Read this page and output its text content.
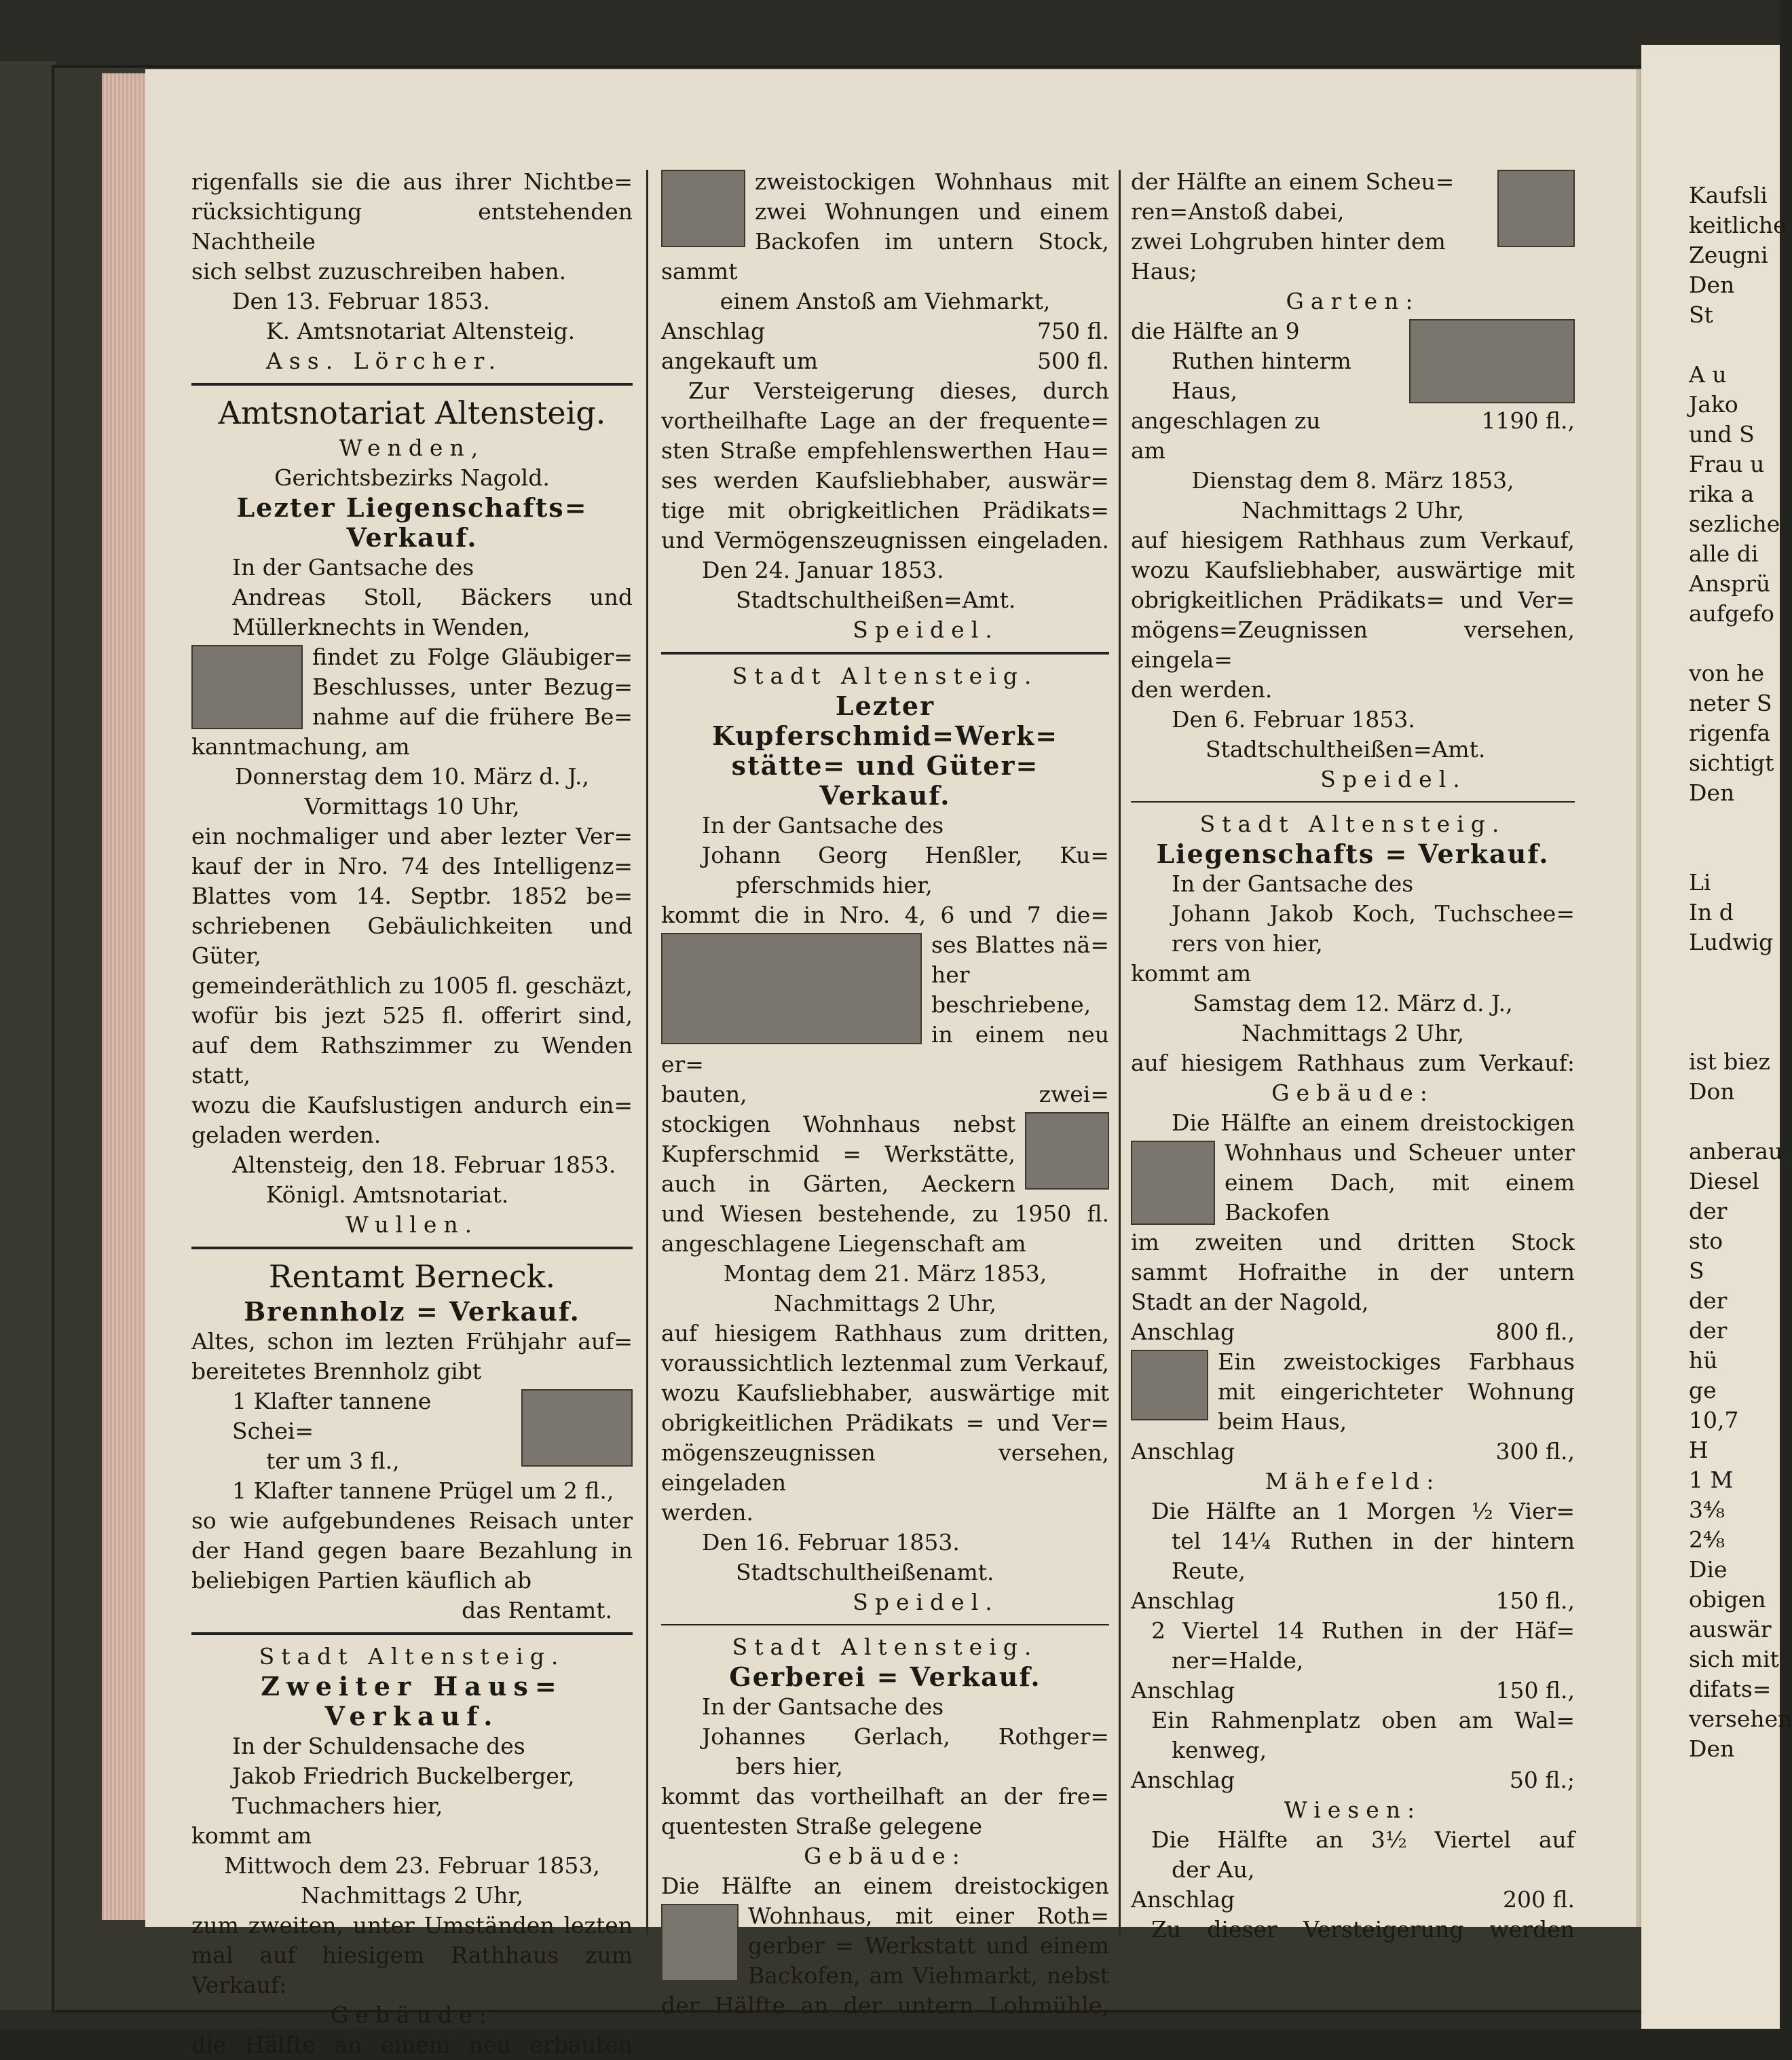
rigenfalls sie die aus ihrer Nichtbe=
rücksichtigung entstehenden Nachtheile
sich selbst zuzuschreiben haben.
Den 13. Februar 1853.
K. Amtsnotariat Altensteig.
Ass. Lörcher.
Amtsnotariat Altensteig.
Wenden,
Gerichtsbezirks Nagold.
Lezter Liegenschafts=
Verkauf.
In der Gantsache des
Andreas Stoll, Bäckers und
Müllerknechts in Wenden,
findet zu Folge Gläubiger=
Beschlusses, unter Bezug=
nahme auf die frühere Be=
kanntmachung, am
Donnerstag dem 10. März d. J.,
Vormittags 10 Uhr,
ein nochmaliger und aber lezter Ver=
kauf der in Nro. 74 des Intelligenz=
Blattes vom 14. Septbr. 1852 be=
schriebenen Gebäulichkeiten und Güter,
gemeinderäthlich zu 1005 fl. geschäzt,
wofür bis jezt 525 fl. offerirt sind,
auf dem Rathszimmer zu Wenden statt,
wozu die Kaufslustigen andurch ein=
geladen werden.
Altensteig, den 18. Februar 1853.
Königl. Amtsnotariat.
Wullen.
Rentamt Berneck.
Brennholz = Verkauf.
Altes, schon im lezten Frühjahr auf=
bereitetes Brennholz gibt
1 Klafter tannene Schei=
ter um 3 fl.,
1 Klafter tannene Prügel um 2 fl.,
so wie aufgebundenes Reisach unter
der Hand gegen baare Bezahlung in
beliebigen Partien käuflich ab
das Rentamt.
Stadt Altensteig.
Zweiter Haus=
Verkauf.
In der Schuldensache des
Jakob Friedrich Buckelberger,
Tuchmachers hier,
kommt am
Mittwoch dem 23. Februar 1853,
Nachmittags 2 Uhr,
zum zweiten, unter Umständen lezten
mal auf hiesigem Rathhaus zum Verkauf:
Gebäude:
die Hälfte an einem neu erbauten
zweistockigen Wohnhaus mit
zwei Wohnungen und einem
Backofen im untern Stock, sammt
einem Anstoß am Viehmarkt,
Anschlag	750 fl.
angekauft um	500 fl.
Zur Versteigerung dieses, durch
vortheilhafte Lage an der frequente=
sten Straße empfehlenswerthen Hau=
ses werden Kaufsliebhaber, auswär=
tige mit obrigkeitlichen Prädikats=
und Vermögenszeugnissen eingeladen.
Den 24. Januar 1853.
Stadtschultheißen=Amt.
Speidel.
Stadt Altensteig.
Lezter Kupferschmid=Werk=
stätte= und Güter=
Verkauf.
In der Gantsache des
Johann Georg Henßler, Ku=
pferschmids hier,
kommt die in Nro. 4, 6 und 7 die=
ses Blattes nä=
her beschriebene,
in einem neu er=
bauten, zwei=
stockigen Wohnhaus nebst
Kupferschmid = Werkstätte,
auch in Gärten, Aeckern
und Wiesen bestehende, zu 1950 fl.
angeschlagene Liegenschaft am
Montag dem 21. März 1853,
Nachmittags 2 Uhr,
auf hiesigem Rathhaus zum dritten,
voraussichtlich leztenmal zum Verkauf,
wozu Kaufsliebhaber, auswärtige mit
obrigkeitlichen Prädikats = und Ver=
mögenszeugnissen versehen, eingeladen
werden.
Den 16. Februar 1853.
Stadtschultheißenamt.
Speidel.
Stadt Altensteig.
Gerberei = Verkauf.
In der Gantsache des
Johannes Gerlach, Rothger=
bers hier,
kommt das vortheilhaft an der fre=
quentesten Straße gelegene
Gebäude:
Die Hälfte an einem dreistockigen
Wohnhaus, mit einer Roth=
gerber = Werkstatt und einem
Backofen, am Viehmarkt, nebst
der Hälfte an der untern Lohmühle,
der Hälfte an einem Scheu=
ren=Anstoß dabei,
zwei Lohgruben hinter dem
Haus;
Garten:
die Hälfte an 9
Ruthen hinterm
Haus,
angeschlagen zu	1190 fl.,
am
Dienstag dem 8. März 1853,
Nachmittags 2 Uhr,
auf hiesigem Rathhaus zum Verkauf,
wozu Kaufsliebhaber, auswärtige mit
obrigkeitlichen Prädikats= und Ver=
mögens=Zeugnissen versehen, eingela=
den werden.
Den 6. Februar 1853.
Stadtschultheißen=Amt.
Speidel.
Stadt Altensteig.
Liegenschafts = Verkauf.
In der Gantsache des
Johann Jakob Koch, Tuchschee=
rers von hier,
kommt am
Samstag dem 12. März d. J.,
Nachmittags 2 Uhr,
auf hiesigem Rathhaus zum Verkauf:
Gebäude:
Die Hälfte an einem dreistockigen
Wohnhaus und Scheuer unter
einem Dach, mit einem Backofen
im zweiten und dritten Stock
sammt Hofraithe in der untern
Stadt an der Nagold,
Anschlag	800 fl.,
Ein zweistockiges Farbhaus
mit eingerichteter Wohnung
beim Haus,
Anschlag	300 fl.,
Mähefeld:
Die Hälfte an 1 Morgen ½ Vier=
tel 14¼ Ruthen in der hintern
Reute,
Anschlag	150 fl.,
2 Viertel 14 Ruthen in der Häf=
ner=Halde,
Anschlag	150 fl.,
Ein Rahmenplatz oben am Wal=
kenweg,
Anschlag	50 fl.;
Wiesen:
Die Hälfte an 3½ Viertel auf
der Au,
Anschlag	200 fl.
Zu dieser Versteigerung werden
Kaufsli
keitliche
Zeugni
Den
St
A u
Jako
und S
Frau u
rika a
sezliche
alle di
Ansprü
aufgefo
von he
neter S
rigenfa
sichtigt
Den
Li
In d
Ludwig
ist biez
Don
anberau
Diesel
der
sto
S
der
der
hü
ge
10,7
H
1 M
3⁴⁄₈
2⁴⁄₈
Die
obigen
auswär
sich mit
difats=
versehen
Den
